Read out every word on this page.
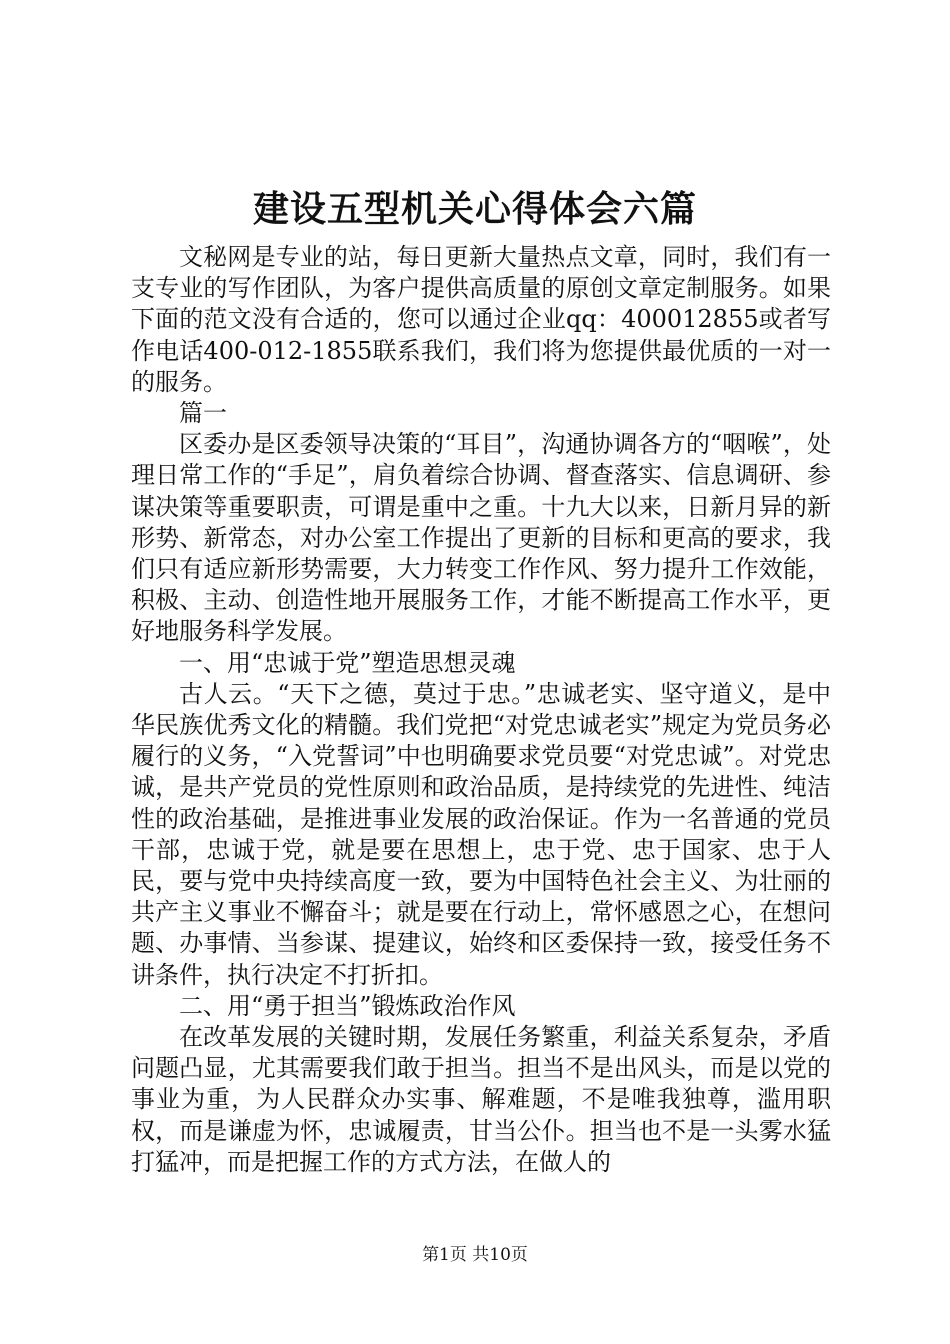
建设五型机关心得体会六篇

文秘网是专业的站，每日更新大量热点文章，同时，我们有一支专业的写作团队，为客户提供高质量的原创文章定制服务。如果下面的范文没有合适的，您可以通过企业qq：400012855或者写作电话400-012-1855联系我们，我们将为您提供最优质的一对一的服务。

篇一

区委办是区委领导决策的“耳目”，沟通协调各方的“咽喉”，处理日常工作的“手足”，肩负着综合协调、督查落实、信息调研、参谋决策等重要职责，可谓是重中之重。十九大以来，日新月异的新形势、新常态，对办公室工作提出了更新的目标和更高的要求，我们只有适应新形势需要，大力转变工作作风、努力提升工作效能，积极、主动、创造性地开展服务工作，才能不断提高工作水平，更好地服务科学发展。

一、用“忠诚于党”塑造思想灵魂

古人云。“天下之德，莫过于忠。”忠诚老实、坚守道义，是中华民族优秀文化的精髓。我们党把“对党忠诚老实”规定为党员务必履行的义务，“入党誓词”中也明确要求党员要“对党忠诚”。对党忠诚，是共产党员的党性原则和政治品质，是持续党的先进性、纯洁性的政治基础，是推进事业发展的政治保证。作为一名普通的党员干部，忠诚于党，就是要在思想上，忠于党、忠于国家、忠于人民，要与党中央持续高度一致，要为中国特色社会主义、为壮丽的共产主义事业不懈奋斗；就是要在行动上，常怀感恩之心，在想问题、办事情、当参谋、提建议，始终和区委保持一致，接受任务不讲条件，执行决定不打折扣。

二、用“勇于担当”锻炼政治作风

在改革发展的关键时期，发展任务繁重，利益关系复杂，矛盾问题凸显，尤其需要我们敢于担当。担当不是出风头，而是以党的事业为重，为人民群众办实事、解难题，不是唯我独尊，滥用职权，而是谦虚为怀，忠诚履责，甘当公仆。担当也不是一头雾水猛打猛冲，而是把握工作的方式方法，在做人的

第1页 共10页
